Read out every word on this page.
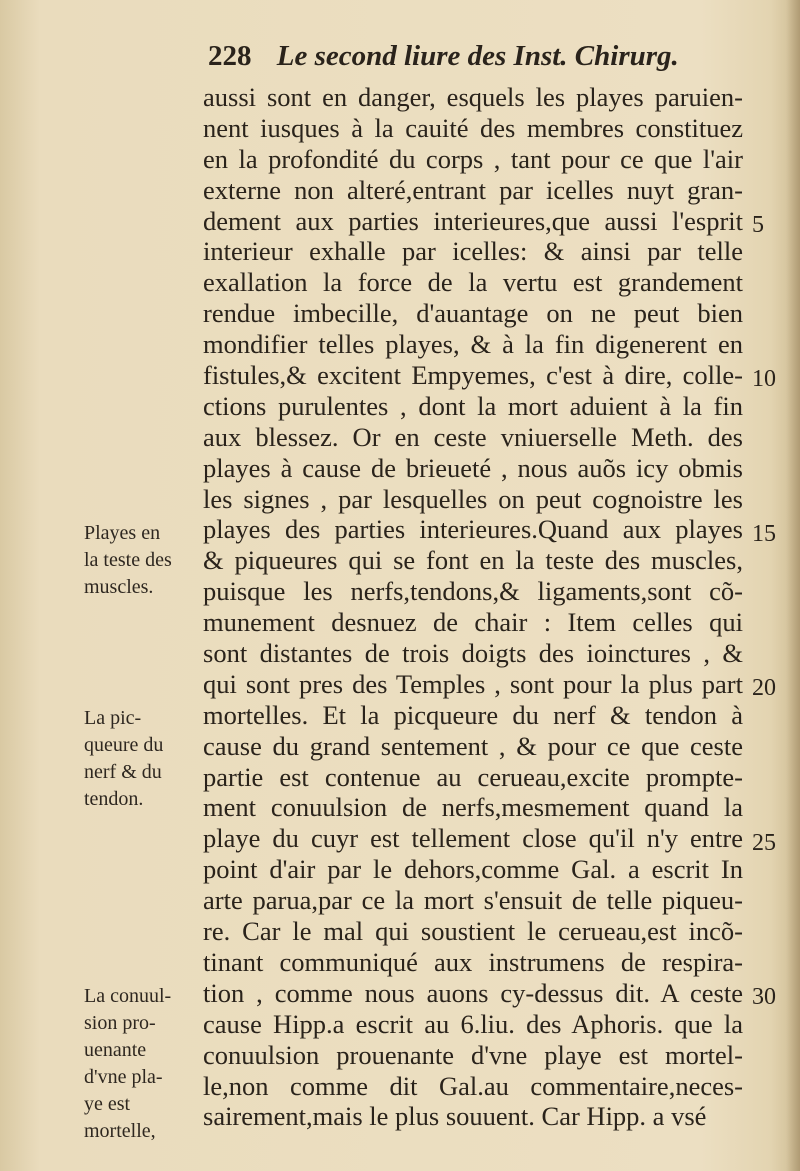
228 Le second liure des Inst. Chirurg.
aussi sont en danger, esquels les playes paruien-
nent iusques à la cauité des membres constituez
en la profondité du corps , tant pour ce que l'air
externe non alteré,entrant par icelles nuyt gran-
dement aux parties interieures,que aussi l'esprit
interieur exhalle par icelles: & ainsi par telle
exallation la force de la vertu est grandement
rendue imbecille, d'auantage on ne peut bien
mondifier telles playes, & à la fin digenerent en
fistules,& excitent Empyemes, c'est à dire, colle-
ctions purulentes , dont la mort aduient à la fin
aux blessez. Or en ceste vniuerselle Meth. des
playes à cause de brieueté , nous auõs icy obmis
les signes , par lesquelles on peut cognoistre les
playes des parties interieures.Quand aux playes
& piqueures qui se font en la teste des muscles,
puisque les nerfs,tendons,& ligaments,sont cõ-
munement desnuez de chair : Item celles qui
sont distantes de trois doigts des ioinctures , &
qui sont pres des Temples , sont pour la plus part
mortelles. Et la picqueure du nerf & tendon à
cause du grand sentement , & pour ce que ceste
partie est contenue au cerueau,excite prompte-
ment conuulsion de nerfs,mesmement quand la
playe du cuyr est tellement close qu'il n'y entre
point d'air par le dehors,comme Gal. a escrit In
arte parua,par ce la mort s'ensuit de telle piqueu-
re. Car le mal qui soustient le cerueau,est incõ-
tinant communiqué aux instrumens de respira-
tion , comme nous auons cy-dessus dit. A ceste
cause Hipp.a escrit au 6.liu. des Aphoris. que la
conuulsion prouenante d'vne playe est mortel-
le,non comme dit Gal.au commentaire,neces-
sairement,mais le plus souuent. Car Hipp. a vsé
5
10
15
20
25
30
Playes en
la teste des
muscles.
La pic-
queure du
nerf & du
tendon.
La conuul-
sion pro-
uenante
d'vne pla-
ye est
mortelle,
